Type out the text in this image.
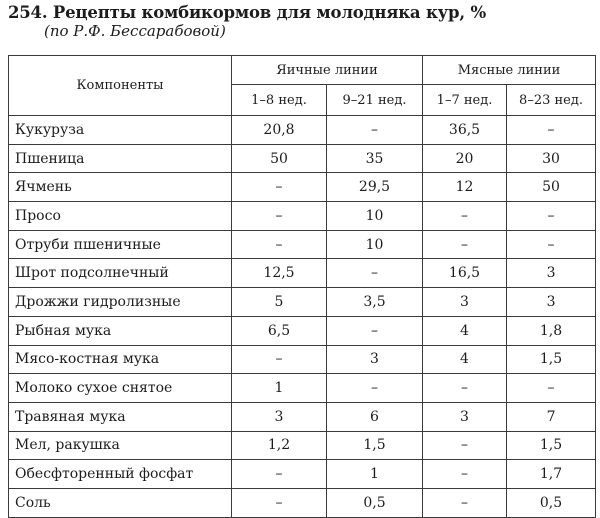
254. Рецепты комбикормов для молодняка кур, %
(по Р.Ф. Бессарабовой)
Компоненты	Яичные линии		Мясные линии	
	1–8 нед.	9–21 нед.	1–7 нед.	8–23 нед.
Кукуруза	20,8	–	36,5	–
Пшеница	50	35	20	30
Ячмень	–	29,5	12	50
Просо	–	10	–	–
Отруби пшеничные	–	10	–	–
Шрот подсолнечный	12,5	–	16,5	3
Дрожжи гидролизные	5	3,5	3	3
Рыбная мука	6,5	–	4	1,8
Мясо-костная мука	–	3	4	1,5
Молоко сухое снятое	1	–	–	–
Травяная мука	3	6	3	7
Мел, ракушка	1,2	1,5	–	1,5
Обесфторенный фосфат	–	1	–	1,7
Соль	–	0,5	–	0,5
